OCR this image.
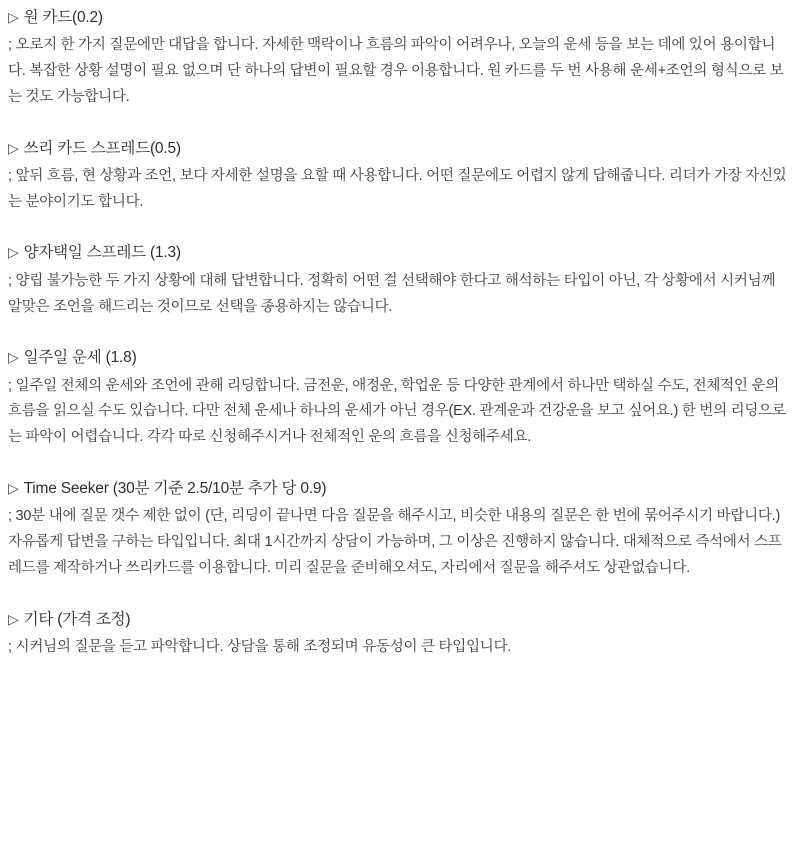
▷ 원 카드(0.2)

; 오로지 한 가지 질문에만 대답을 합니다. 자세한 맥락이나 흐름의 파악이 어려우나, 오늘의 운세 등을 보는 데에 있어 용이합니다. 복잡한 상황 설명이 필요 없으며 단 하나의 답변이 필요할 경우 이용합니다. 원 카드를 두 번 사용해 운세+조언의 형식으로 보는 것도 가능합니다.

▷ 쓰리 카드 스프레드(0.5)

; 앞뒤 흐름, 현 상황과 조언, 보다 자세한 설명을 요할 때 사용합니다. 어떤 질문에도 어렵지 않게 답해줍니다. 리더가 가장 자신있는 분야이기도 합니다.

▷ 양자택일 스프레드 (1.3)

; 양립 불가능한 두 가지 상황에 대해 답변합니다. 정확히 어떤 걸 선택해야 한다고 해석하는 타입이 아닌, 각 상황에서 시커님께 알맞은 조언을 해드리는 것이므로 선택을 종용하지는 않습니다.

▷ 일주일 운세 (1.8)

; 일주일 전체의 운세와 조언에 관해 리딩합니다. 금전운, 애정운, 학업운 등 다양한 관계에서 하나만 택하실 수도, 전체적인 운의 흐름을 읽으실 수도 있습니다. 다만 전체 운세나 하나의 운세가 아닌 경우(EX. 관계운과 건강운을 보고 싶어요.) 한 번의 리딩으로는 파악이 어렵습니다. 각각 따로 신청해주시거나 전체적인 운의 흐름을 신청해주세요.

▷ Time Seeker (30분 기준 2.5/10분 추가 당 0.9)

; 30분 내에 질문 갯수 제한 없이 (단, 리딩이 끝나면 다음 질문을 해주시고, 비슷한 내용의 질문은 한 번에 묶어주시기 바랍니다.) 자유롭게 답변을 구하는 타입입니다. 최대 1시간까지 상담이 가능하며, 그 이상은 진행하지 않습니다. 대체적으로 즉석에서 스프레드를 제작하거나 쓰리카드를 이용합니다. 미리 질문을 준비해오셔도, 자리에서 질문을 해주셔도 상관없습니다.

▷ 기타 (가격 조정)

; 시커님의 질문을 듣고 파악합니다. 상담을 통해 조정되며 유동성이 큰 타입입니다.
